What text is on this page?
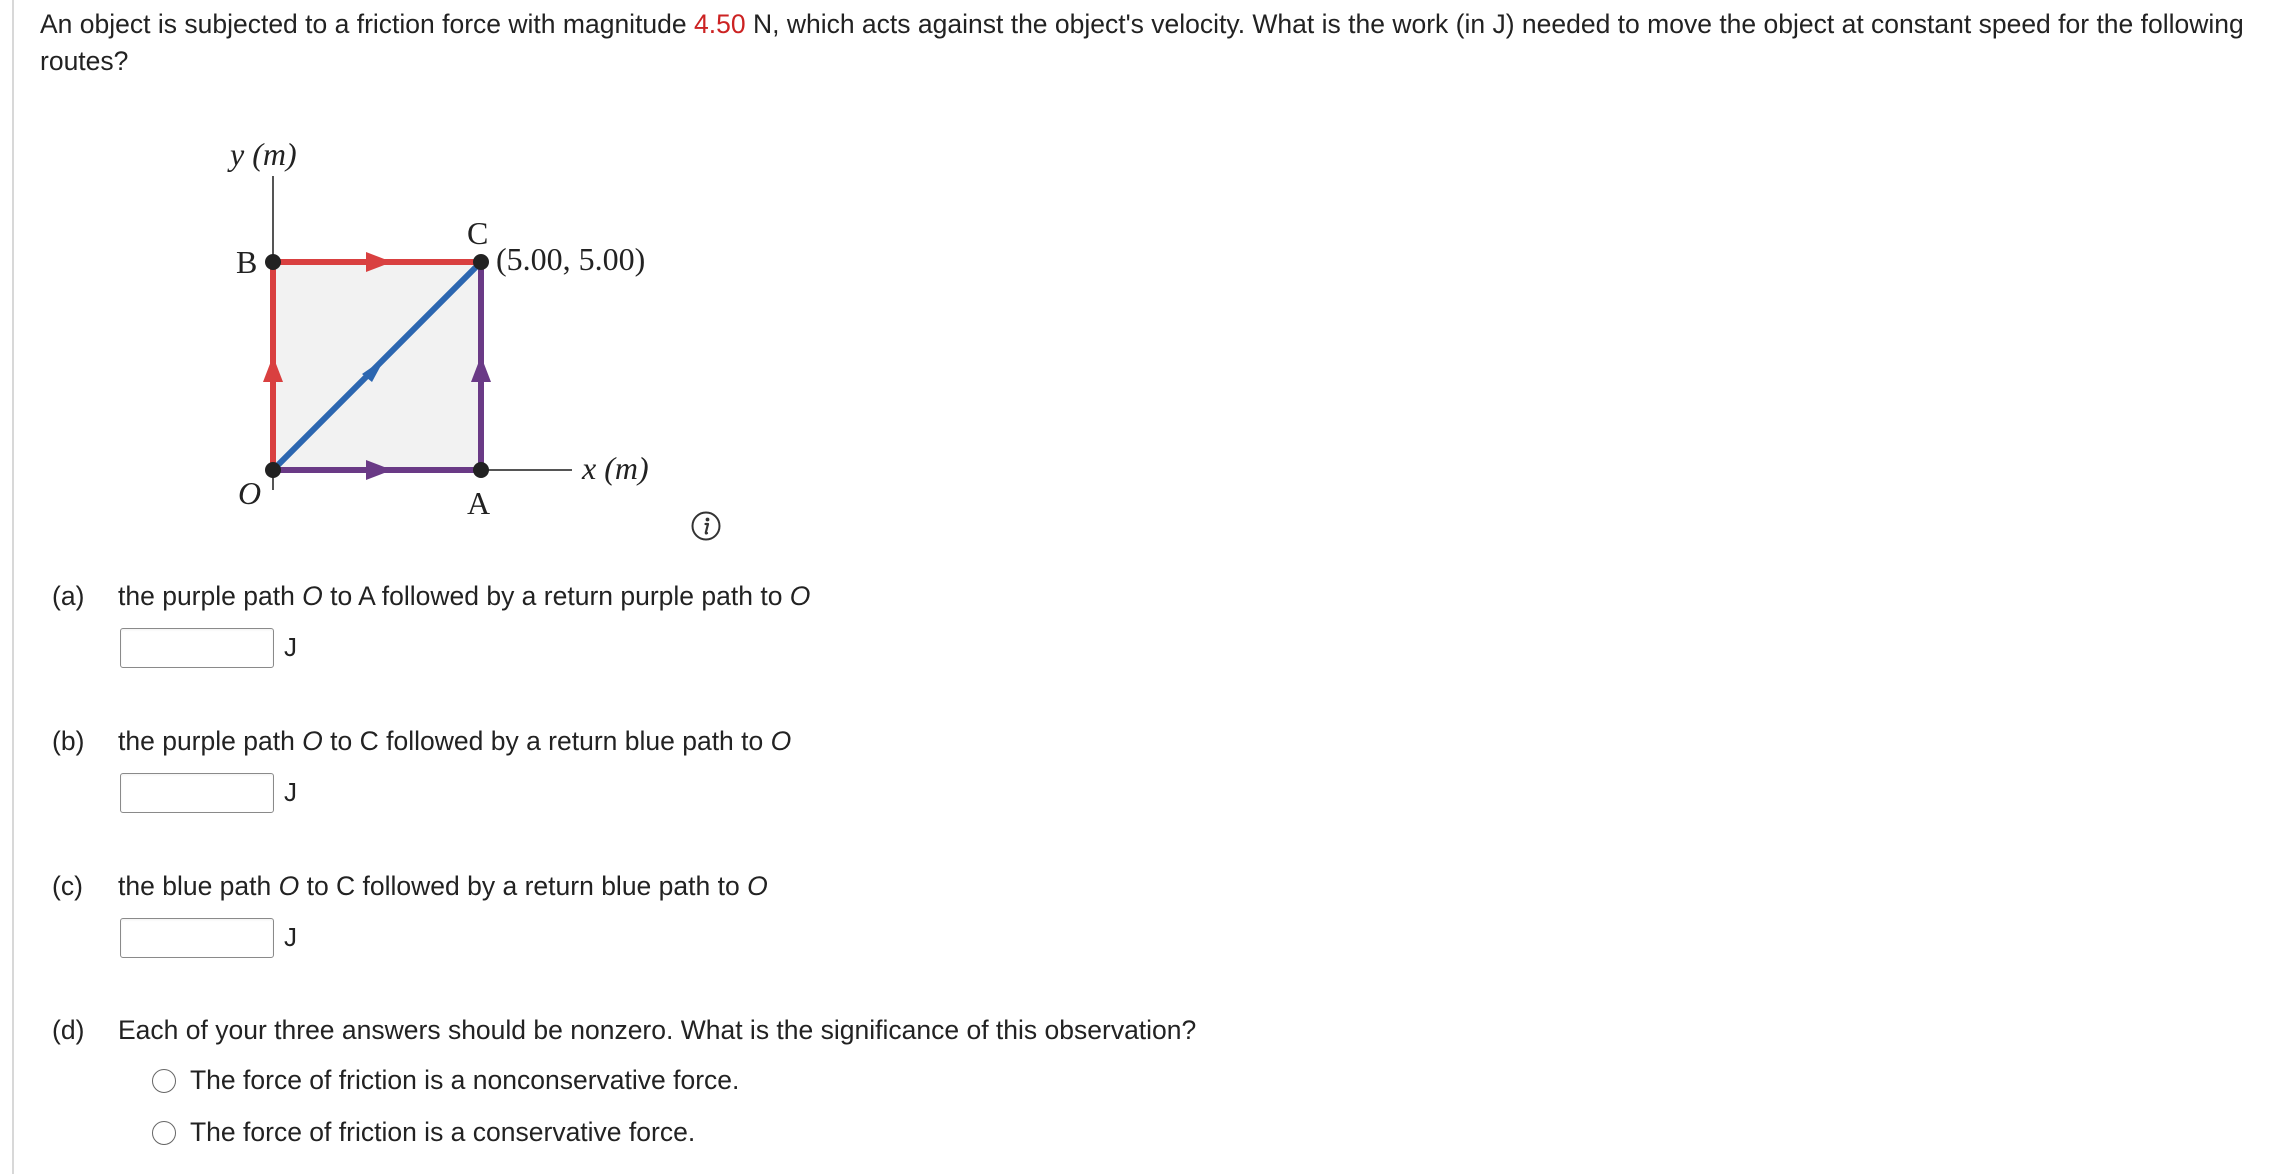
An object is subjected to a friction force with magnitude 4.50 N, which acts against the object's velocity. What is the work (in J) needed to move the object at constant speed for the following routes?
y (m)
B
C
(5.00, 5.00)
x (m)
O	A
(a) the purple path O to A followed by a return purple path to O
J
(b) the purple path O to C followed by a return blue path to O
J
(c) the blue path O to C followed by a return blue path to O
J
(d) Each of your three answers should be nonzero. What is the significance of this observation?
The force of friction is a nonconservative force.
The force of friction is a conservative force.
